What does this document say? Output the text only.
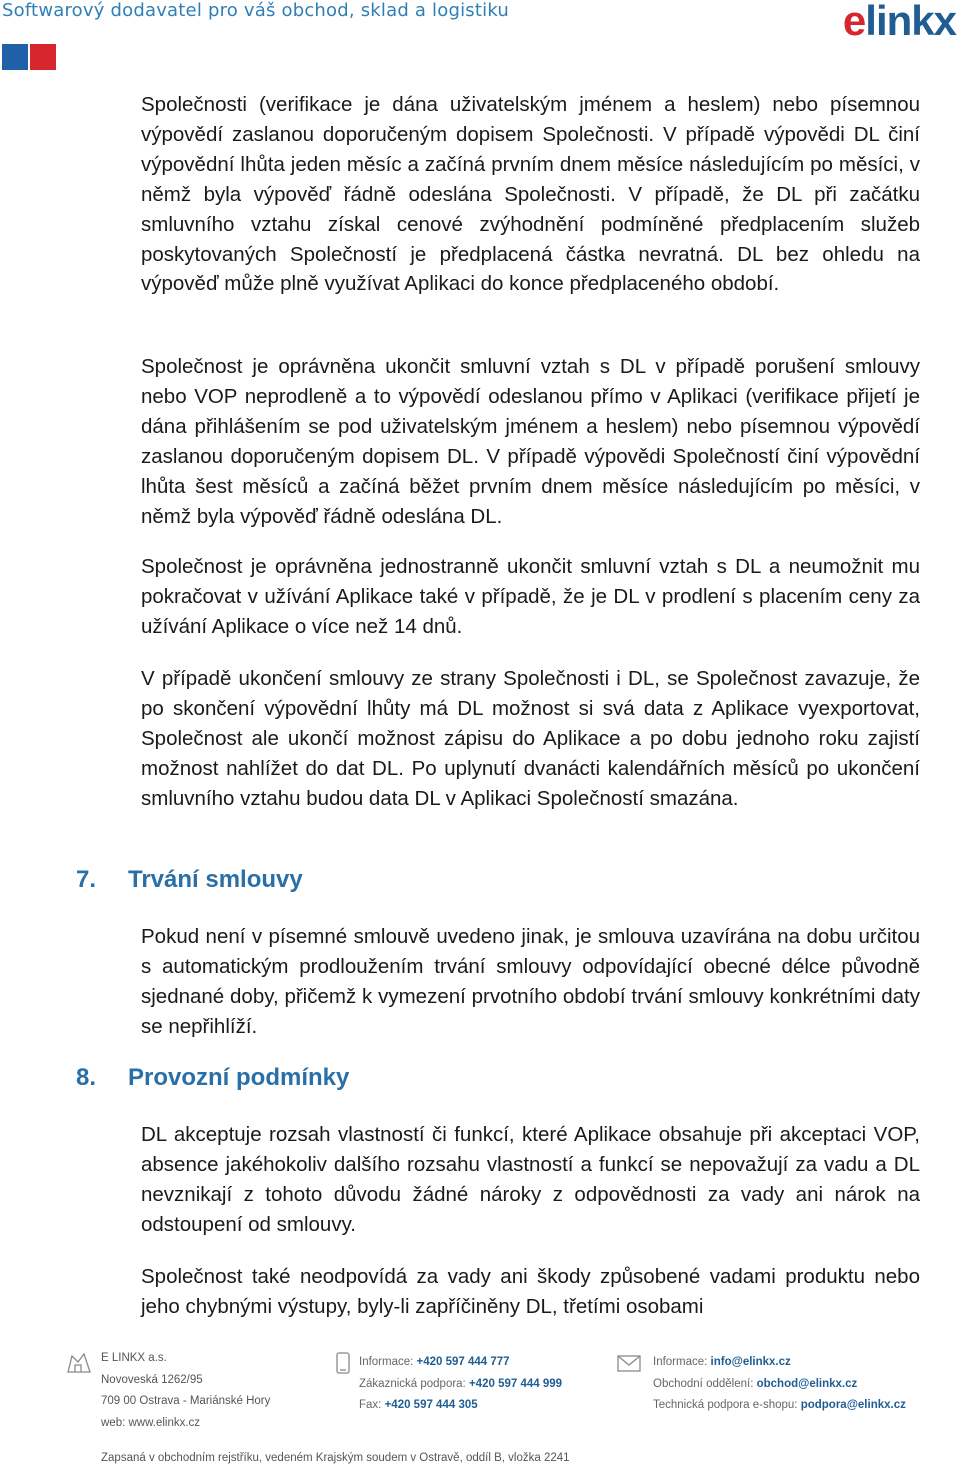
Softwarový dodavatel pro váš obchod, sklad a logistiku	elinkx

Společnosti (verifikace je dána uživatelským jménem a heslem) nebo písemnou výpovědí zaslanou doporučeným dopisem Společnosti. V případě výpovědi DL činí výpovědní lhůta jeden měsíc a začíná prvním dnem měsíce následujícím po měsíci, v němž byla výpověď řádně odeslána Společnosti. V případě, že DL při začátku smluvního vztahu získal cenové zvýhodnění podmíněné předplacením služeb poskytovaných Společností je předplacená částka nevratná. DL bez ohledu na výpověď může plně využívat Aplikaci do konce předplaceného období.

Společnost je oprávněna ukončit smluvní vztah s DL v případě porušení smlouvy nebo VOP neprodleně a to výpovědí odeslanou přímo v Aplikaci (verifikace přijetí je dána přihlášením se pod uživatelským jménem a heslem) nebo písemnou výpovědí zaslanou doporučeným dopisem DL. V případě výpovědi Společností činí výpovědní lhůta šest měsíců a začíná běžet prvním dnem měsíce následujícím po měsíci, v němž byla výpověď řádně odeslána DL.

Společnost je oprávněna jednostranně ukončit smluvní vztah s DL a neumožnit mu pokračovat v užívání Aplikace také v případě, že je DL v prodlení s placením ceny za užívání Aplikace o více než 14 dnů.

V případě ukončení smlouvy ze strany Společnosti i DL, se Společnost zavazuje, že po skončení výpovědní lhůty má DL možnost si svá data z Aplikace vyexportovat, Společnost ale ukončí možnost zápisu do Aplikace a po dobu jednoho roku zajistí možnost nahlížet do dat DL. Po uplynutí dvanácti kalendářních měsíců po ukončení smluvního vztahu budou data DL v Aplikaci Společností smazána.

7. Trvání smlouvy

Pokud není v písemné smlouvě uvedeno jinak, je smlouva uzavírána na dobu určitou s automatickým prodloužením trvání smlouvy odpovídající obecné délce původně sjednané doby, přičemž k vymezení prvotního období trvání smlouvy konkrétními daty se nepřihlíží.

8. Provozní podmínky

DL akceptuje rozsah vlastností či funkcí, které Aplikace obsahuje při akceptaci VOP, absence jakéhokoliv dalšího rozsahu vlastností a funkcí se nepovažují za vadu a DL nevznikají z tohoto důvodu žádné nároky z odpovědnosti za vady ani nárok na odstoupení od smlouvy.

Společnost také neodpovídá za vady ani škody způsobené vadami produktu nebo jeho chybnými výstupy, byly-li zapříčiněny DL, třetími osobami

E LINKX a.s.
Novoveská 1262/95
709 00 Ostrava - Mariánské Hory
web: www.elinkx.cz
Informace: +420 597 444 777
Zákaznická podpora: +420 597 444 999
Fax: +420 597 444 305
Informace: info@elinkx.cz
Obchodní oddělení: obchod@elinkx.cz
Technická podpora e-shopu: podpora@elinkx.cz
Zapsaná v obchodním rejstříku, vedeném Krajským soudem v Ostravě, oddíl B, vložka 2241
